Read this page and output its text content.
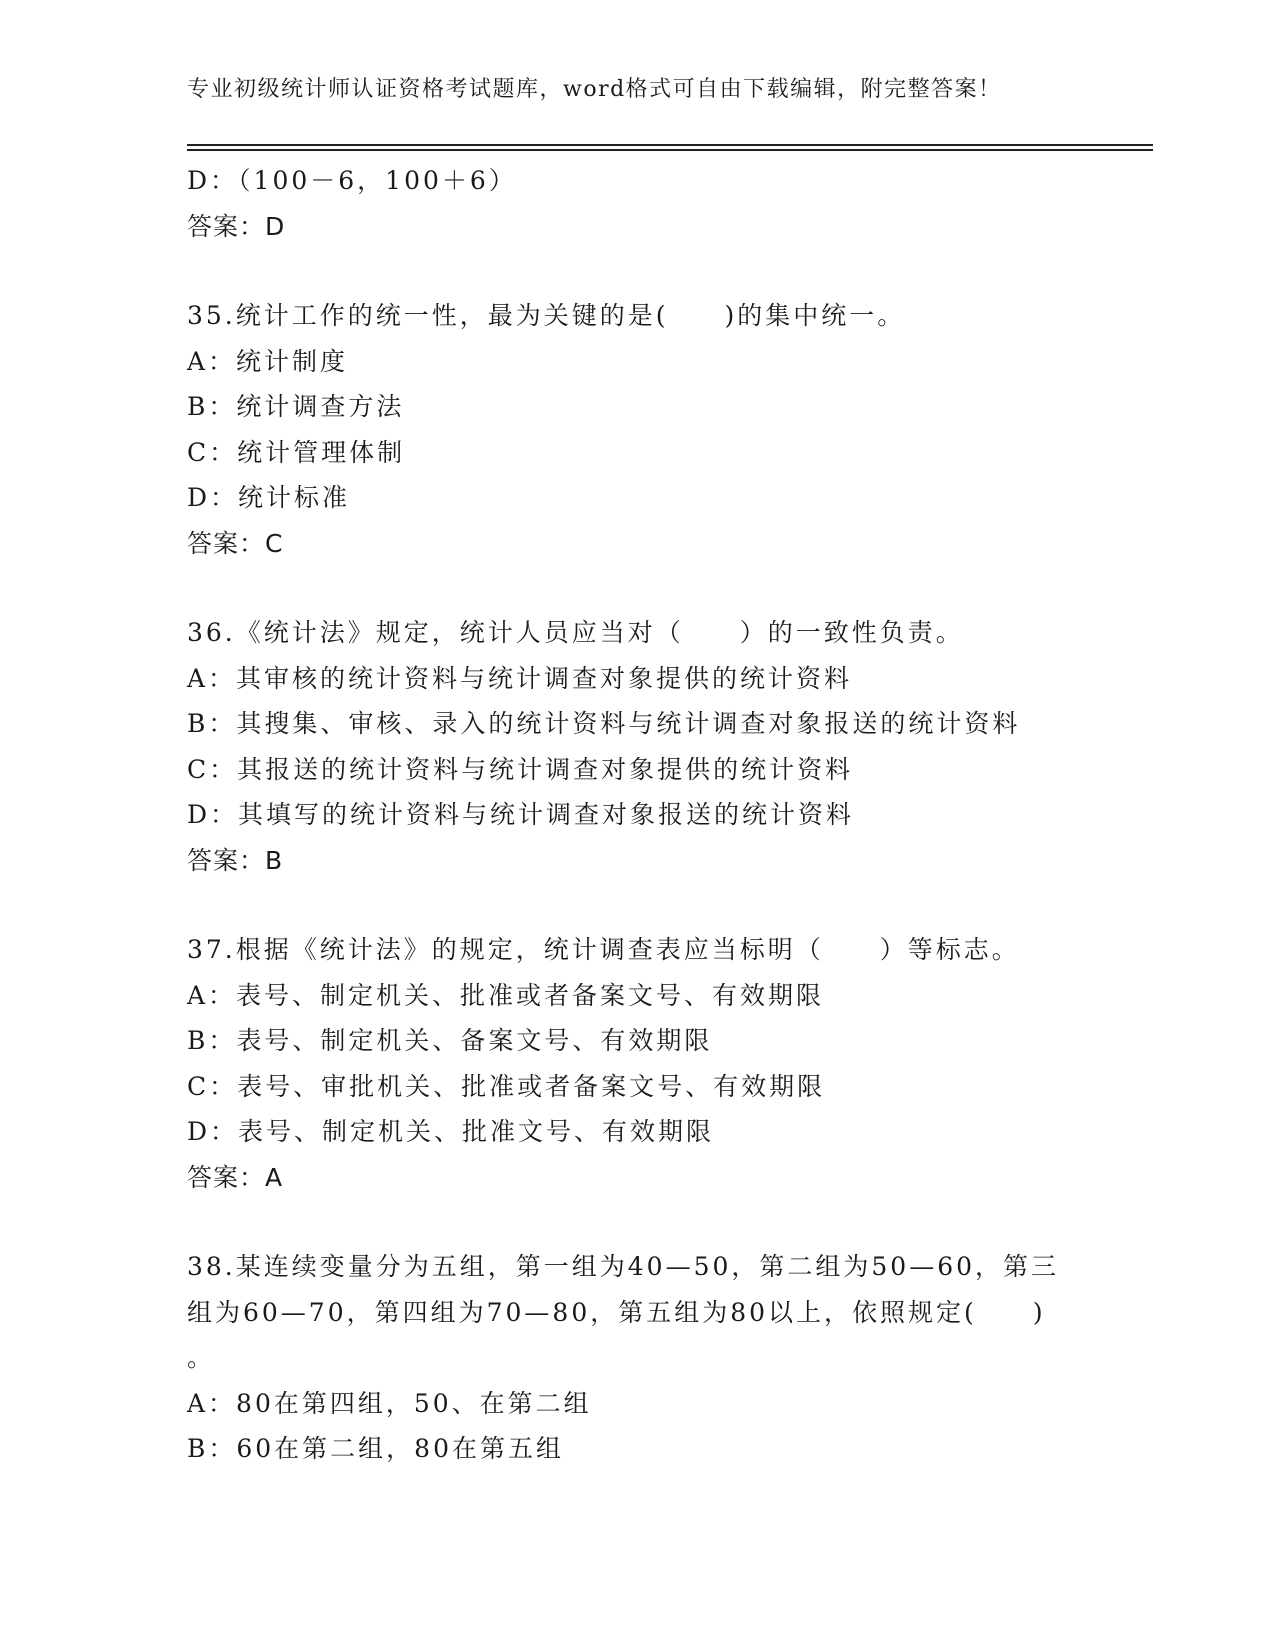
专业初级统计师认证资格考试题库，word格式可自由下载编辑，附完整答案！
D：（100－6，100＋6）
答案：D
35.统计工作的统一性，最为关键的是(　　)的集中统一。
A：统计制度
B：统计调查方法
C：统计管理体制
D：统计标准
答案：C
36.《统计法》规定，统计人员应当对（　　）的一致性负责。
A：其审核的统计资料与统计调查对象提供的统计资料
B：其搜集、审核、录入的统计资料与统计调查对象报送的统计资料
C：其报送的统计资料与统计调查对象提供的统计资料
D：其填写的统计资料与统计调查对象报送的统计资料
答案：B
37.根据《统计法》的规定，统计调查表应当标明（　　）等标志。
A：表号、制定机关、批准或者备案文号、有效期限
B：表号、制定机关、备案文号、有效期限
C：表号、审批机关、批准或者备案文号、有效期限
D：表号、制定机关、批准文号、有效期限
答案：A
38.某连续变量分为五组，第一组为40—50，第二组为50—60，第三
组为60—70，第四组为70—80，第五组为80以上，依照规定(　　)
。
A：80在第四组，50、在第二组
B：60在第二组，80在第五组
